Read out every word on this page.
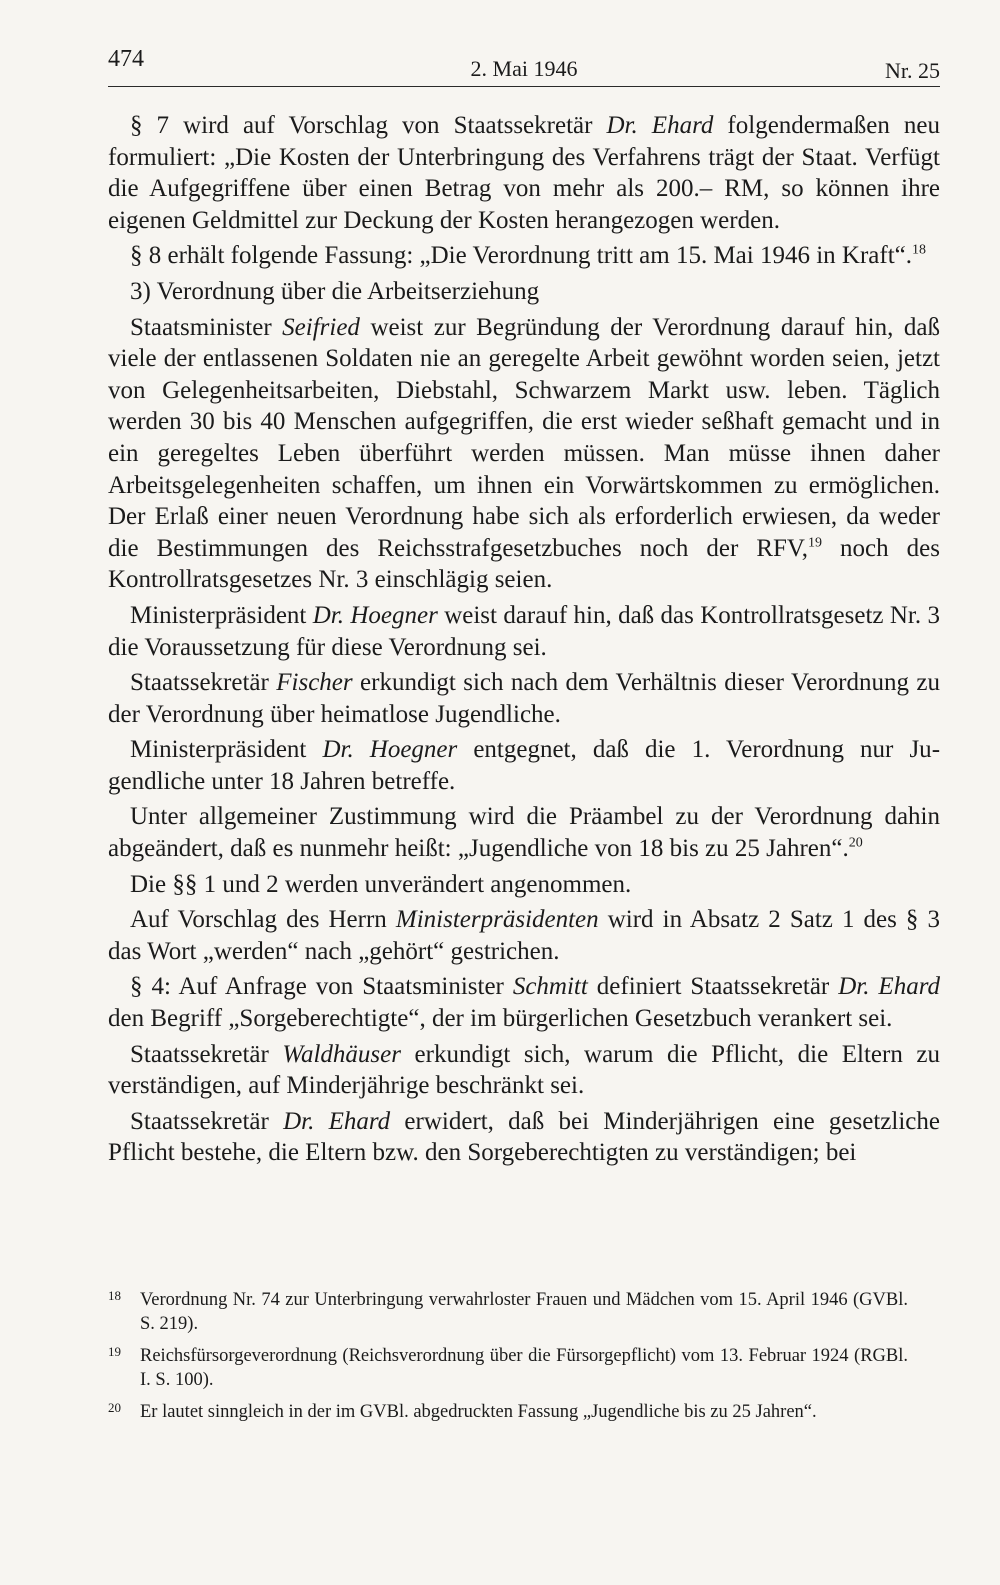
474	2. Mai 1946	Nr. 25

§ 7 wird auf Vorschlag von Staatssekretär Dr. Ehard folgendermaßen neu formuliert: „Die Kosten der Unterbringung des Verfahrens trägt der Staat. Verfügt die Aufgegriffene über einen Betrag von mehr als 200.– RM, so können ihre eigenen Geldmittel zur Deckung der Kosten herangezogen werden.

§ 8 erhält folgende Fassung: „Die Verordnung tritt am 15. Mai 1946 in Kraft“.$^{18}$

3) Verordnung über die Arbeitserziehung

Staatsminister Seifried weist zur Begründung der Verordnung darauf hin, daß viele der entlassenen Soldaten nie an geregelte Arbeit gewöhnt worden seien, jetzt von Gelegenheitsarbeiten, Diebstahl, Schwarzem Markt usw. leben. Täglich werden 30 bis 40 Menschen aufgegriffen, die erst wieder seßhaft gemacht und in ein geregeltes Leben überführt werden müssen. Man müsse ihnen daher Arbeitsgelegenheiten schaffen, um ihnen ein Vorwärtskommen zu ermöglichen. Der Erlaß einer neuen Verordnung habe sich als erforderlich erwiesen, da weder die Bestimmungen des Reichsstrafgesetzbuches noch der RFV,$^{19}$ noch des Kontrollratsgesetzes Nr. 3 einschlägig seien.

Ministerpräsident Dr. Hoegner weist darauf hin, daß das Kontrollratsgesetz Nr. 3 die Voraussetzung für diese Verordnung sei.

Staatssekretär Fischer erkundigt sich nach dem Verhältnis dieser Verordnung zu der Verordnung über heimatlose Jugendliche.

Ministerpräsident Dr. Hoegner entgegnet, daß die 1. Verordnung nur Jugendliche unter 18 Jahren betreffe.

Unter allgemeiner Zustimmung wird die Präambel zu der Verordnung dahin abgeändert, daß es nunmehr heißt: „Jugendliche von 18 bis zu 25 Jahren“.$^{20}$

Die §§ 1 und 2 werden unverändert angenommen.

Auf Vorschlag des Herrn Ministerpräsidenten wird in Absatz 2 Satz 1 des § 3 das Wort „werden“ nach „gehört“ gestrichen.

§ 4: Auf Anfrage von Staatsminister Schmitt definiert Staatssekretär Dr. Ehard den Begriff „Sorgeberechtigte“, der im bürgerlichen Gesetzbuch verankert sei.

Staatssekretär Waldhäuser erkundigt sich, warum die Pflicht, die Eltern zu verständigen, auf Minderjährige beschränkt sei.

Staatssekretär Dr. Ehard erwidert, daß bei Minderjährigen eine gesetzliche Pflicht bestehe, die Eltern bzw. den Sorgeberechtigten zu verständigen; bei

18 Verordnung Nr. 74 zur Unterbringung verwahrloster Frauen und Mädchen vom 15. April 1946 (GVBl. S. 219).
19 Reichsfürsorgeverordnung (Reichsverordnung über die Fürsorgepflicht) vom 13. Februar 1924 (RGBl. I. S. 100).
20 Er lautet sinngleich in der im GVBl. abgedruckten Fassung „Jugendliche bis zu 25 Jahren“.
